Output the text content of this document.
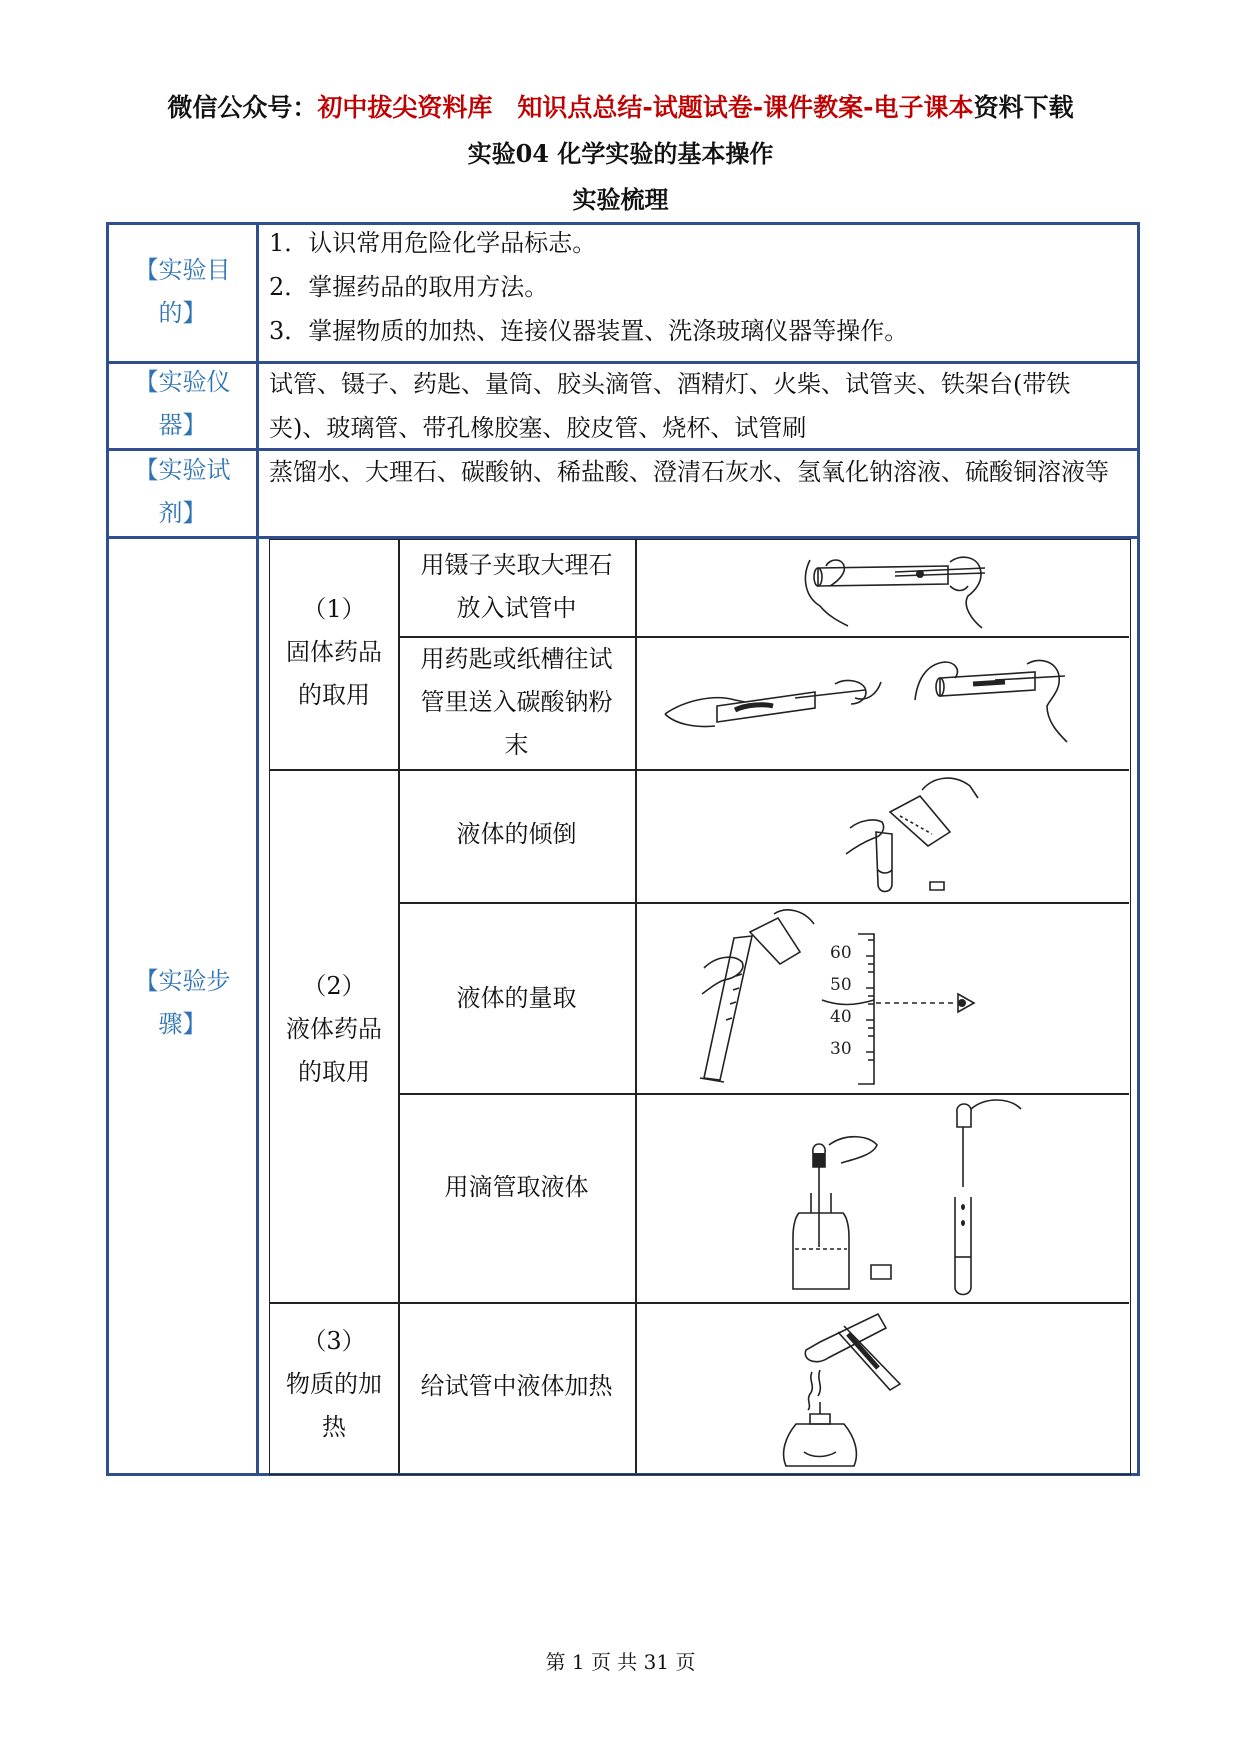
微信公众号：初中拔尖资料库　知识点总结-试题试卷-课件教案-电子课本资料下载
实验04 化学实验的基本操作
实验梳理
【实验目
的】
1．认识常用危险化学品标志。
2．掌握药品的取用方法。
3．掌握物质的加热、连接仪器装置、洗涤玻璃仪器等操作。
【实验仪
器】
试管、镊子、药匙、量筒、胶头滴管、酒精灯、火柴、试管夹、铁架台(带铁夹)、玻璃管、带孔橡胶塞、胶皮管、烧杯、试管刷
【实验试
剂】
蒸馏水、大理石、碳酸钠、稀盐酸、澄清石灰水、氢氧化钠溶液、硫酸铜溶液等
【实验步
骤】
（1）
固体药品
的取用
用镊子夹取大理石
放入试管中
用药匙或纸槽往试
管里送入碳酸钠粉
末
（2）
液体药品
的取用
液体的倾倒
液体的量取
用滴管取液体
（3）
物质的加
热
给试管中液体加热
60
50
40
30
第 1 页 共 31 页
